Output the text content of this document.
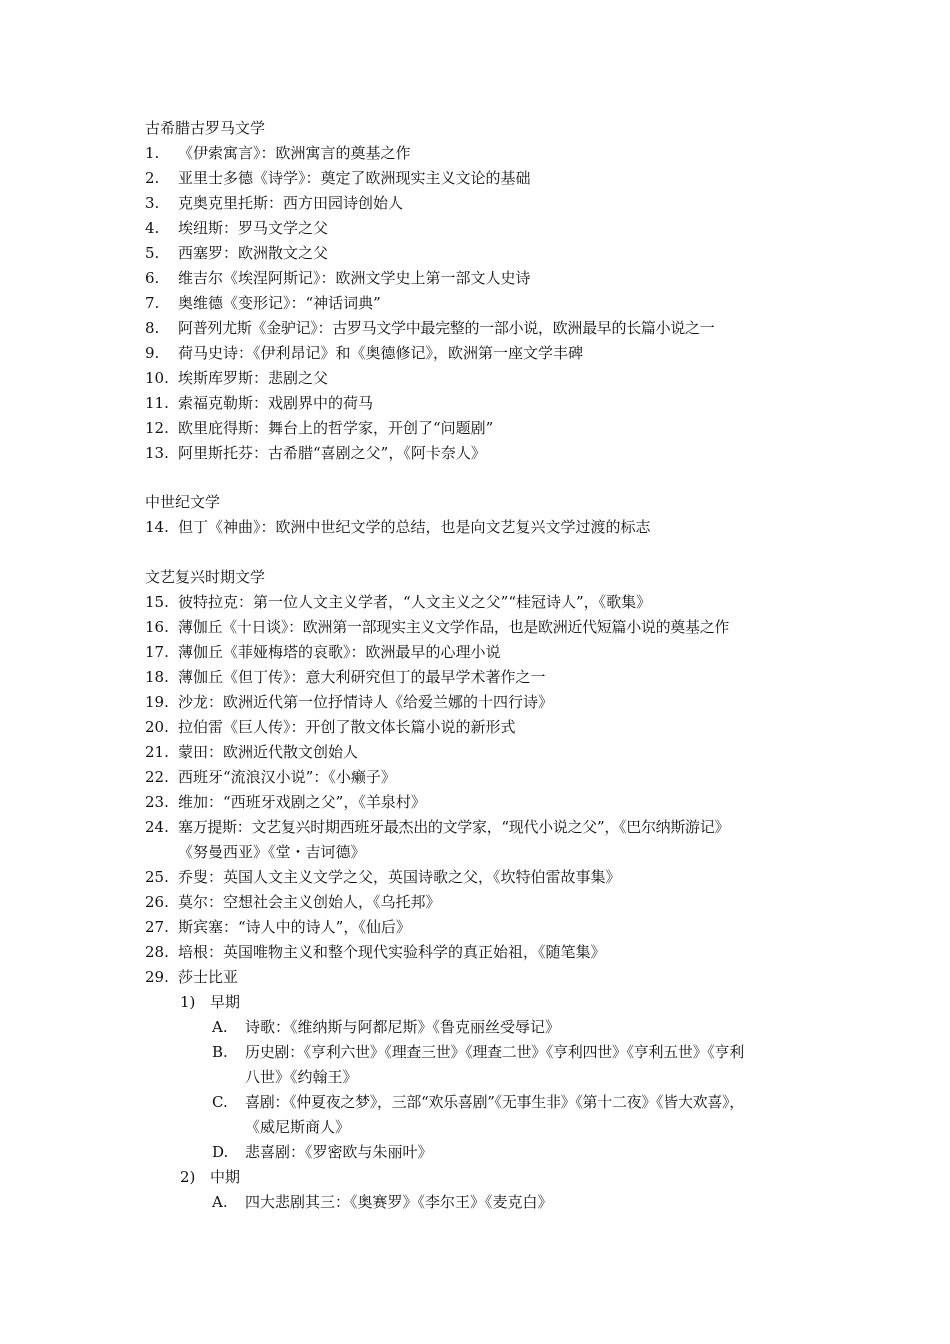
古希腊古罗马文学
1. 《伊索寓言》：欧洲寓言的奠基之作
2. 亚里士多德《诗学》：奠定了欧洲现实主义文论的基础
3. 克奥克里托斯：西方田园诗创始人
4. 埃纽斯：罗马文学之父
5. 西塞罗：欧洲散文之父
6. 维吉尔《埃涅阿斯记》：欧洲文学史上第一部文人史诗
7. 奥维德《变形记》：“神话词典”
8. 阿普列尤斯《金驴记》：古罗马文学中最完整的一部小说，欧洲最早的长篇小说之一
9. 荷马史诗：《伊利昂记》和《奥德修记》，欧洲第一座文学丰碑
10. 埃斯库罗斯：悲剧之父
11. 索福克勒斯：戏剧界中的荷马
12. 欧里庇得斯：舞台上的哲学家，开创了“问题剧”
13. 阿里斯托芬：古希腊“喜剧之父”，《阿卡奈人》
中世纪文学
14. 但丁《神曲》：欧洲中世纪文学的总结，也是向文艺复兴文学过渡的标志
文艺复兴时期文学
15. 彼特拉克：第一位人文主义学者，“人文主义之父”“桂冠诗人”，《歌集》
16. 薄伽丘《十日谈》：欧洲第一部现实主义文学作品，也是欧洲近代短篇小说的奠基之作
17. 薄伽丘《菲娅梅塔的哀歌》：欧洲最早的心理小说
18. 薄伽丘《但丁传》：意大利研究但丁的最早学术著作之一
19. 沙龙：欧洲近代第一位抒情诗人《给爱兰娜的十四行诗》
20. 拉伯雷《巨人传》：开创了散文体长篇小说的新形式
21. 蒙田：欧洲近代散文创始人
22. 西班牙“流浪汉小说”：《小癞子》
23. 维加：“西班牙戏剧之父”，《羊泉村》
24. 塞万提斯：文艺复兴时期西班牙最杰出的文学家，“现代小说之父”，《巴尔纳斯游记》
《努曼西亚》《堂・吉诃德》
25. 乔叟：英国人文主义文学之父，英国诗歌之父，《坎特伯雷故事集》
26. 莫尔：空想社会主义创始人，《乌托邦》
27. 斯宾塞：“诗人中的诗人”，《仙后》
28. 培根：英国唯物主义和整个现代实验科学的真正始祖，《随笔集》
29. 莎士比亚
1) 早期
A. 诗歌：《维纳斯与阿都尼斯》《鲁克丽丝受辱记》
B. 历史剧：《亨利六世》《理查三世》《理查二世》《亨利四世》《亨利五世》《亨利
八世》《约翰王》
C. 喜剧：《仲夏夜之梦》，三部“欢乐喜剧”《无事生非》《第十二夜》《皆大欢喜》，
《威尼斯商人》
D. 悲喜剧：《罗密欧与朱丽叶》
2) 中期
A. 四大悲剧其三：《奥赛罗》《李尔王》《麦克白》
